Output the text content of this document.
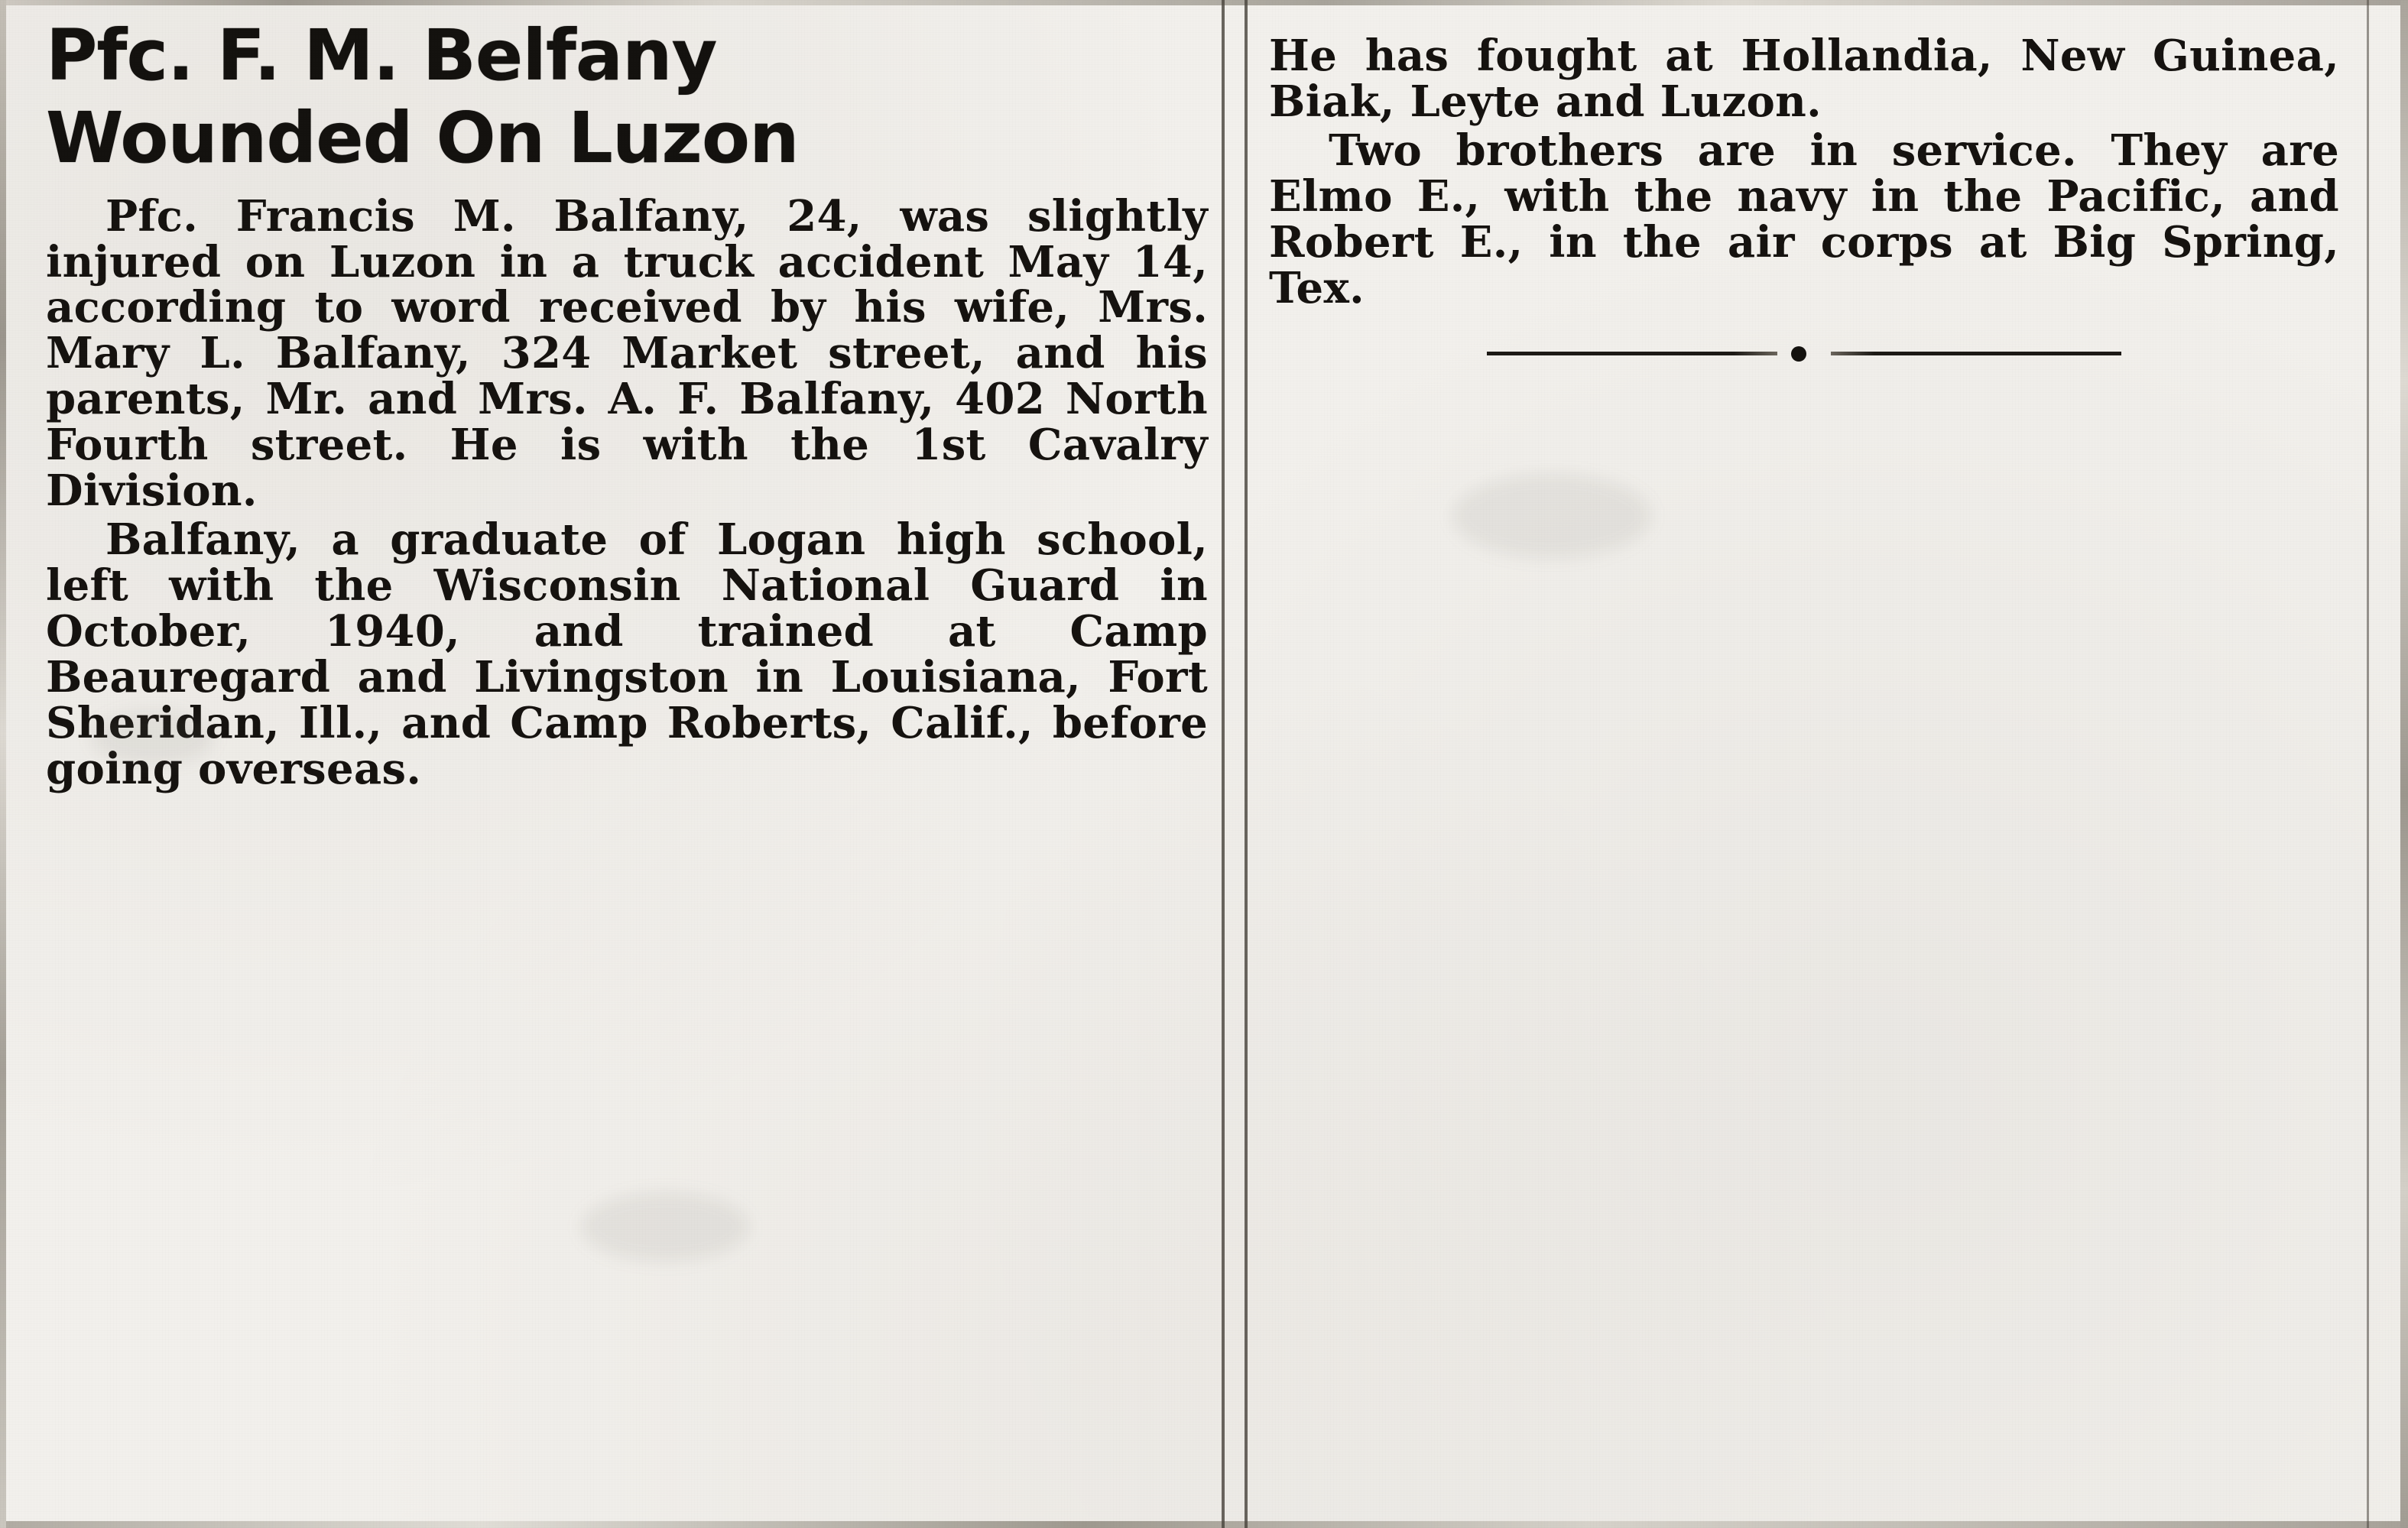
Pfc. F. M. Belfany
Wounded On Luzon

Pfc. Francis M. Balfany, 24, was slightly injured on Luzon in a truck accident May 14, according to word received by his wife, Mrs. Mary L. Balfany, 324 Market street, and his parents, Mr. and Mrs. A. F. Balfany, 402 North Fourth street. He is with the 1st Cavalry Division.

Balfany, a graduate of Logan high school, left with the Wisconsin National Guard in October, 1940, and trained at Camp Beauregard and Livingston in Louisiana, Fort Sheridan, Ill., and Camp Roberts, Calif., before going overseas.

He has fought at Hollandia, New Guinea, Biak, Leyte and Luzon.

Two brothers are in service. They are Elmo E., with the navy in the Pacific, and Robert E., in the air corps at Big Spring, Tex.
